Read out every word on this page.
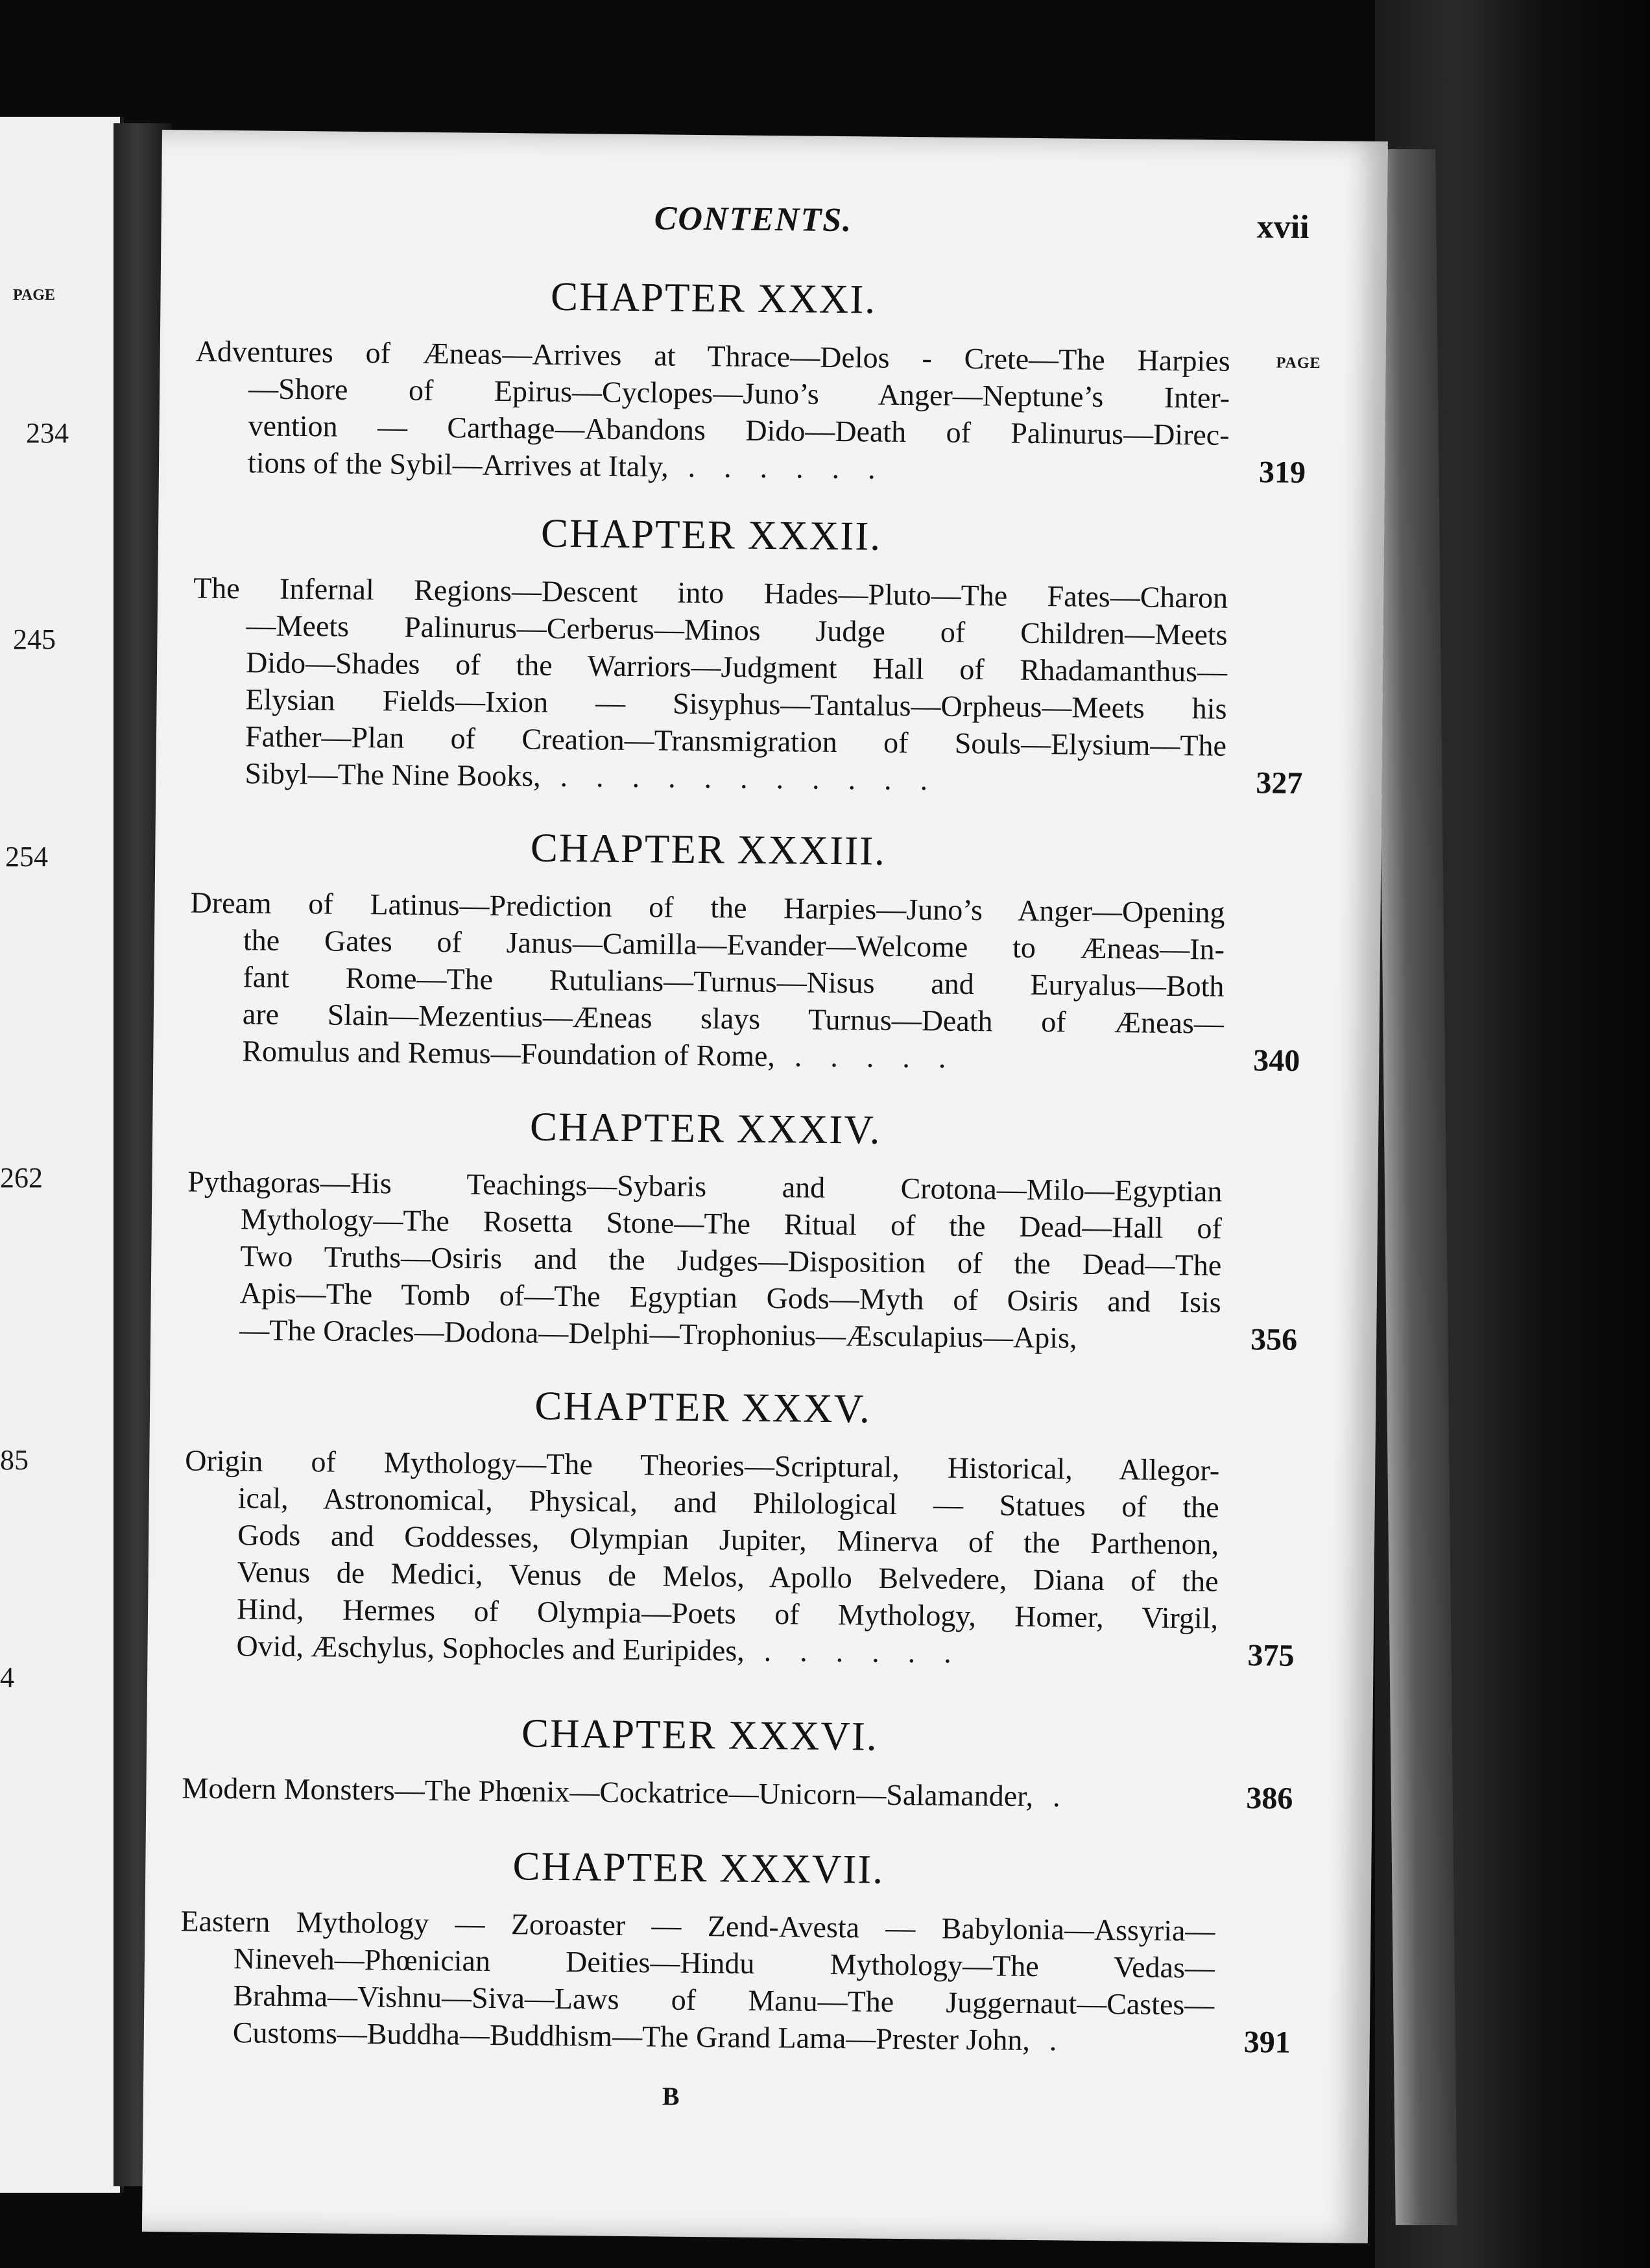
PAGE
234
245
254
262
85
4
CONTENTS.	xvii
PAGE
CHAPTER XXXI.
Adventures of Æneas—Arrives at Thrace—Delos - Crete—The Harpies
—Shore of Epirus—Cyclopes—Juno’s Anger—Neptune’s Inter-
vention — Carthage—Abandons Dido—Death of Palinurus—Direc-
tions of the Sybil—Arrives at Italy, ......	319
CHAPTER XXXII.
The Infernal Regions—Descent into Hades—Pluto—The Fates—Charon
—Meets Palinurus—Cerberus—Minos Judge of Children—Meets
Dido—Shades of the Warriors—Judgment Hall of Rhadamanthus—
Elysian Fields—Ixion — Sisyphus—Tantalus—Orpheus—Meets his
Father—Plan of Creation—Transmigration of Souls—Elysium—The
Sibyl—The Nine Books, ...........	327
CHAPTER XXXIII.
Dream of Latinus—Prediction of the Harpies—Juno’s Anger—Opening
the Gates of Janus—Camilla—Evander—Welcome to Æneas—In-
fant Rome—The Rutulians—Turnus—Nisus and Euryalus—Both
are Slain—Mezentius—Æneas slays Turnus—Death of Æneas—
Romulus and Remus—Foundation of Rome, .....	340
CHAPTER XXXIV.
Pythagoras—His Teachings—Sybaris and Crotona—Milo—Egyptian
Mythology—The Rosetta Stone—The Ritual of the Dead—Hall of
Two Truths—Osiris and the Judges—Disposition of the Dead—The
Apis—The Tomb of—The Egyptian Gods—Myth of Osiris and Isis
—The Oracles—Dodona—Delphi—Trophonius—Æsculapius—Apis,	356
CHAPTER XXXV.
Origin of Mythology—The Theories—Scriptural, Historical, Allegor-
ical, Astronomical, Physical, and Philological — Statues of the
Gods and Goddesses, Olympian Jupiter, Minerva of the Parthenon,
Venus de Medici, Venus de Melos, Apollo Belvedere, Diana of the
Hind, Hermes of Olympia—Poets of Mythology, Homer, Virgil,
Ovid, Æschylus, Sophocles and Euripides, ......	375
CHAPTER XXXVI.
Modern Monsters—The Phœnix—Cockatrice—Unicorn—Salamander, .	386
CHAPTER XXXVII.
Eastern Mythology — Zoroaster — Zend-Avesta — Babylonia—Assyria—
Nineveh—Phœnician Deities—Hindu Mythology—The Vedas—
Brahma—Vishnu—Siva—Laws of Manu—The Juggernaut—Castes—
Customs—Buddha—Buddhism—The Grand Lama—Prester John, .	391
B
